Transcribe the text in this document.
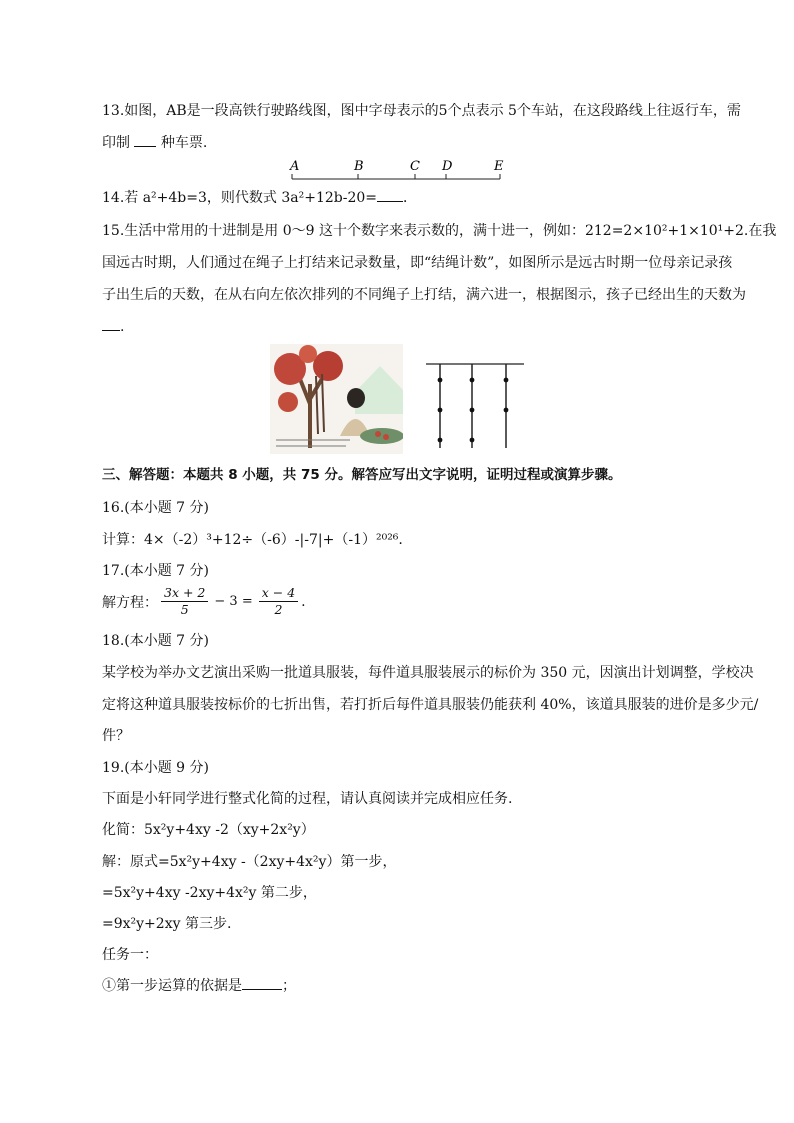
13.如图，AB是一段高铁行驶路线图，图中字母表示的5个点表示 5个车站，在这段路线上往返行车，需
印制  种车票.
A	B	C D	E
14.若 a²+4b=3，则代数式 3a²+12b-20= ．
15.生活中常用的十进制是用 0～9 这十个数字来表示数的，满十进一，例如：212=2×10²+1×10¹+2.在我
国远古时期，人们通过在绳子上打结来记录数量，即“结绳计数”，如图所示是远古时期一位母亲记录孩
子出生后的天数，在从右向左依次排列的不同绳子上打结，满六进一，根据图示，孩子已经出生的天数为
.
三、解答题：本题共 8 小题，共 75 分。解答应写出文字说明，证明过程或演算步骤。
16.(本小题 7 分)
计算：4×（-2）³+12÷（-6）-|-7|+（-1）²⁰²⁶.
17.(本小题 7 分)
解方程： $\frac{3x + 2}{5} - 3 = \frac{x - 4}{2}$ .
18.(本小题 7 分)
某学校为举办文艺演出采购一批道具服装，每件道具服装展示的标价为 350 元，因演出计划调整，学校决
定将这种道具服装按标价的七折出售，若打折后每件道具服装仍能获利 40%，该道具服装的进价是多少元/
件？
19.(本小题 9 分)
下面是小轩同学进行整式化简的过程，请认真阅读并完成相应任务.
化简：5x²y+4xy -2（xy+2x²y）
解：原式=5x²y+4xy -（2xy+4x²y）第一步，
=5x²y+4xy -2xy+4x²y 第二步，
=9x²y+2xy 第三步.
任务一：
①第一步运算的依据是	；
